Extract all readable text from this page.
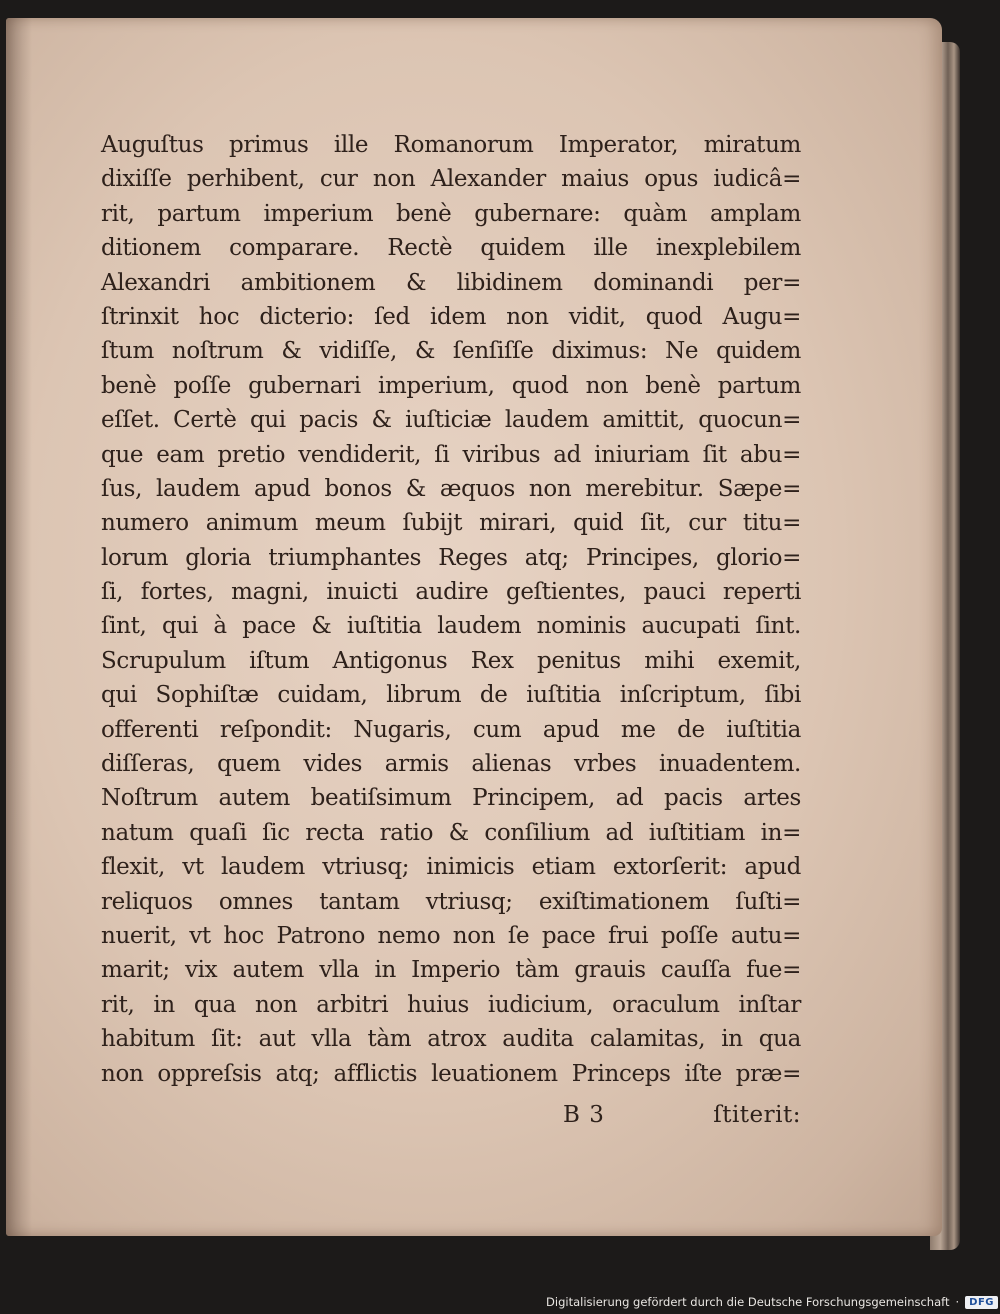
Auguſtus primus ille Romanorum Imperator, miratum
dixiſſe perhibent, cur non Alexander maius opus iudicâ=
rit, partum imperium benè gubernare: quàm amplam
ditionem comparare. Rectè quidem ille inexplebilem
Alexandri ambitionem & libidinem dominandi per=
ſtrinxit hoc dicterio: ſed idem non vidit, quod Augu=
ſtum noſtrum & vidiſſe, & ſenſiſſe diximus: Ne quidem
benè poſſe gubernari imperium, quod non benè partum
eſſet. Certè qui pacis & iuſticiæ laudem amittit, quocun=
que eam pretio vendiderit, ſi viribus ad iniuriam ſit abu=
ſus, laudem apud bonos & æquos non merebitur. Sæpe=
numero animum meum ſubijt mirari, quid ſit, cur titu=
lorum gloria triumphantes Reges atq; Principes, glorio=
ſi, fortes, magni, inuicti audire geſtientes, pauci reperti
ſint, qui à pace & iuſtitia laudem nominis aucupati ſint.
Scrupulum iſtum Antigonus Rex penitus mihi exemit,
qui Sophiſtæ cuidam, librum de iuſtitia inſcriptum, ſibi
offerenti reſpondit: Nugaris, cum apud me de iuſtitia
diſſeras, quem vides armis alienas vrbes inuadentem.
Noſtrum autem beatiſsimum Principem, ad pacis artes
natum quaſi ſic recta ratio & conſilium ad iuſtitiam in=
flexit, vt laudem vtriusq; inimicis etiam extorſerit: apud
reliquos omnes tantam vtriusq; exiſtimationem ſuſti=
nuerit, vt hoc Patrono nemo non ſe pace frui poſſe autu=
marit; vix autem vlla in Imperio tàm grauis cauſſa fue=
rit, in qua non arbitri huius iudicium, oraculum inſtar
habitum ſit: aut vlla tàm atrox audita calamitas, in qua
non oppreſsis atq; afflictis leuationem Princeps iſte præ=
B 3	ſtiterit:
Digitalisierung gefördert durch die Deutsche Forschungsgemeinschaft ·	DFG
